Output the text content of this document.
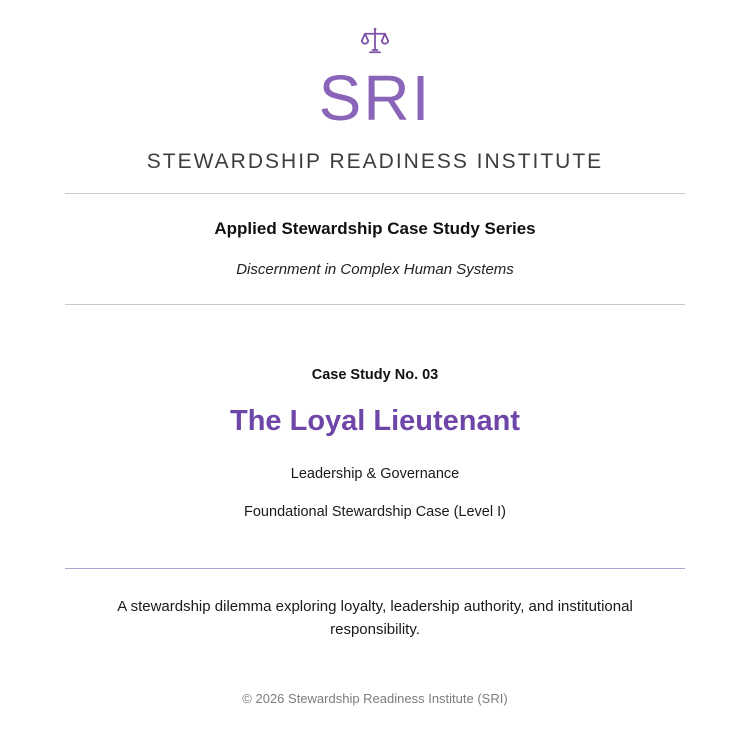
SRI
STEWARDSHIP READINESS INSTITUTE
Applied Stewardship Case Study Series
Discernment in Complex Human Systems
Case Study No. 03
The Loyal Lieutenant
Leadership & Governance
Foundational Stewardship Case (Level I)
A stewardship dilemma exploring loyalty, leadership authority, and institutional responsibility.
© 2026 Stewardship Readiness Institute (SRI)
